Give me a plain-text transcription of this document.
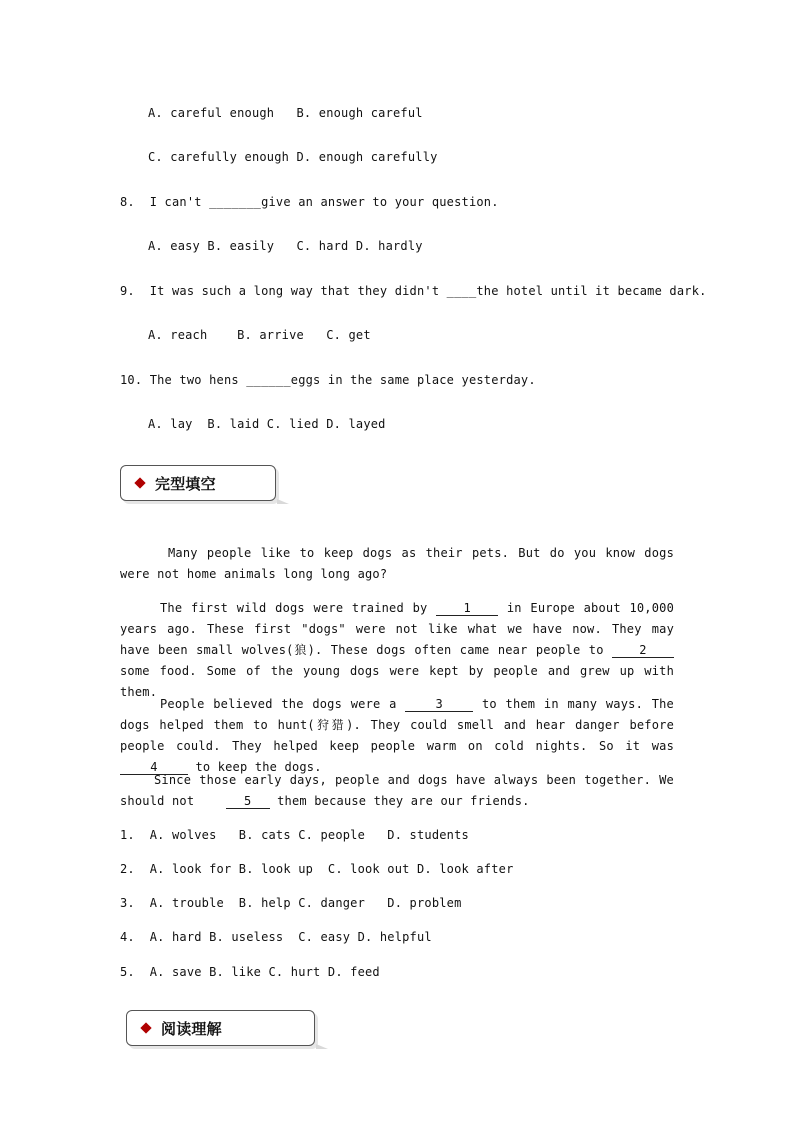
A. careful enough   B. enough careful
C. carefully enough D. enough carefully
8.  I can't _______give an answer to your question.
A. easy B. easily   C. hard D. hardly
9.  It was such a long way that they didn't ____the hotel until it became dark.
A. reach    B. arrive   C. get
10. The two hens ______eggs in the same place yesterday.
A. lay  B. laid C. lied D. layed
完型填空
Many people like to keep dogs as their pets. But do you know dogs were not home animals long long ago?
The first wild dogs were trained by	1	in Europe about 10,000 years ago. These first "dogs" were not like what we have now. They may have been small wolves(狼). These dogs often came near people to	2 some food. Some of the young dogs were kept by people and grew up with them.
People believed the dogs were a	3	to them in many ways. The dogs helped them to hunt(狩猎). They could smell and hear danger before people could. They helped keep people warm on cold nights. So it was 4	to keep the dogs.
Since those early days, people and dogs have always been together. We should not	5 them because they are our friends.
1.  A. wolves   B. cats C. people   D. students
2.  A. look for B. look up  C. look out D. look after
3.  A. trouble  B. help C. danger   D. problem
4.  A. hard B. useless  C. easy D. helpful
5.  A. save B. like C. hurt D. feed
阅读理解
